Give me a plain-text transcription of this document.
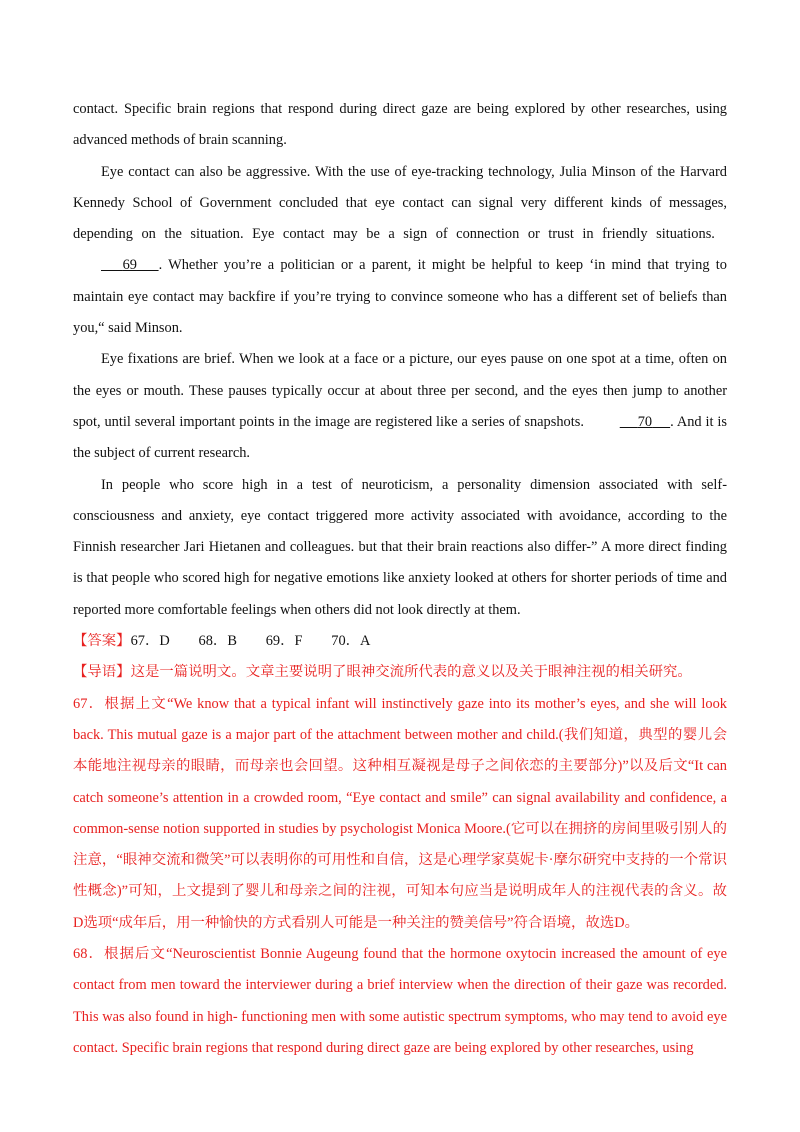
contact. Specific brain regions that respond during direct gaze are being explored by other researches, using advanced methods of brain scanning.

Eye contact can also be aggressive. With the use of eye-tracking technology, Julia Minson of the Harvard Kennedy School of Government concluded that eye contact can signal very different kinds of messages, depending on the situation. Eye contact may be a sign of connection or trust in friendly situations.        69 . Whether you’re a politician or a parent, it might be helpful to keep ‘in mind that trying to maintain eye contact may backfire if you’re trying to convince someone who has a different set of beliefs than you,“ said Minson.

Eye fixations are brief. When we look at a face or a picture, our eyes pause on one spot at a time, often on the eyes or mouth. These pauses typically occur at about three per second, and the eyes then jump to another spot, until several important points in the image are registered like a series of snapshots.	70 . And it is the subject of current research.

In people who score high in a test of neuroticism, a personality dimension associated with self-consciousness and anxiety, eye contact triggered more activity associated with avoidance, according to the Finnish researcher Jari Hietanen and colleagues. but that their brain reactions also differ-” A more direct finding is that people who scored high for negative emotions like anxiety looked at others for shorter periods of time and reported more comfortable feelings when others did not look directly at them.

【答案】67．D　　68．B　　69．F　　70．A

【导语】这是一篇说明文。文章主要说明了眼神交流所代表的意义以及关于眼神注视的相关研究。

67．根据上文“We know that a typical infant will instinctively gaze into its mother’s eyes, and she will look back. This mutual gaze is a major part of the attachment between mother and child.(我们知道，典型的婴儿会本能地注视母亲的眼睛，而母亲也会回望。这种相互凝视是母子之间依恋的主要部分)”以及后文“It can catch someone’s attention in a crowded room, “Eye contact and smile” can signal availability and confidence, a common-sense notion supported in studies by psychologist Monica Moore.(它可以在拥挤的房间里吸引别人的注意，“眼神交流和微笑”可以表明你的可用性和自信，这是心理学家莫妮卡·摩尔研究中支持的一个常识性概念)”可知，上文提到了婴儿和母亲之间的注视，可知本句应当是说明成年人的注视代表的含义。故D选项“成年后，用一种愉快的方式看别人可能是一种关注的赞美信号”符合语境，故选D。

68．根据后文“Neuroscientist Bonnie Augeung found that the hormone oxytocin increased the amount of eye contact from men toward the interviewer during a brief interview when the direction of their gaze was recorded. This was also found in high- functioning men with some autistic spectrum symptoms, who may tend to avoid eye contact. Specific brain regions that respond during direct gaze are being explored by other researches, using
